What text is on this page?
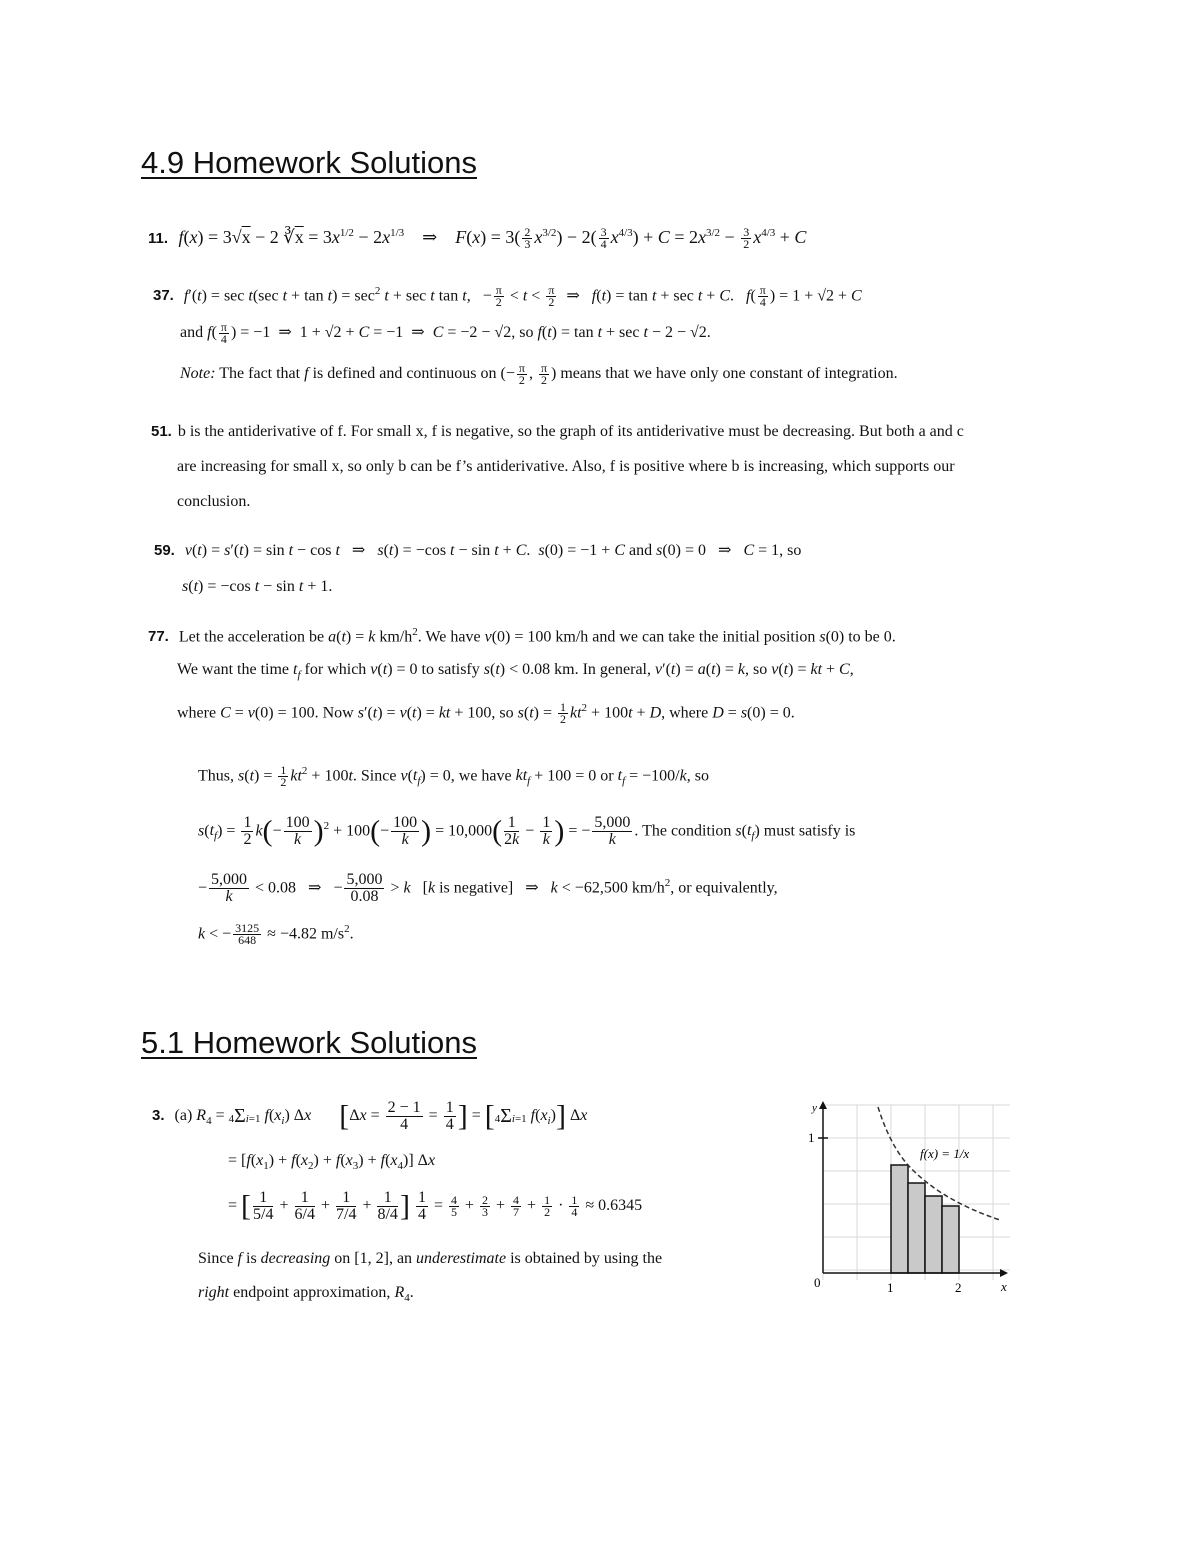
4.9 Homework Solutions
11. f(x) = 3√x − 2 $∛\overline{x} = 3x^{1/2} - 2x^{1/3}$    ⇒    $F(x) = 3( \frac{2}{3} x^{3/2}) - 2( \frac{3}{4} x^{4/3}) + C = 2x^{3/2} - \frac{3}{2} x^{4/3} + C$
37. f′(t) = sec t(sec $t + \tan t) = \sec^2 t + \sec t$ tan t,   − $\frac{\pi}{2} < t < \frac{\pi}{2}$ ⇒   f(t) = tan t + sec t + C.   $f( \frac{\pi}{4}$ ) = 1 + √2 + C
and $f( \frac{\pi}{4}$ ) = −1  ⇒  1 + √2 + C = −1  ⇒  C = −2 − √2, so f(t) = tan t + sec t − 2 − √2.
Note: The fact that f is defined and continuous on (− $\frac{\pi}{2}$ , $\frac{\pi}{2}$ ) means that we have only one constant of integration.
51. b is the antiderivative of f. For small x, f is negative, so the graph of its antiderivative must be decreasing. But both a and c
are increasing for small x, so only b can be f’s antiderivative. Also, f is positive where b is increasing, which supports our
conclusion.
59. v(t) = s′(t) = sin t − cos t   ⇒   s(t) = −cos t − sin t + C.  s(0) = −1 + C and s(0) = 0   ⇒   C = 1, so
s(t) = −cos t − sin t + 1.
77. Let the acceleration be a(t) = k $km/h^2$. We have v(0) = 100 km/h and we can take the initial position s(0) to be 0.
We want the time $t_f$ for which v(t) = 0 to satisfy s(t) < 0.08 km. In general, v′(t) = a(t) = k, so v(t) = kt + C,
where C = v(0) = 100. Now s′(t) = v(t) = kt + 100, so $s(t) = \frac{1}{2} kt^2 + 100t + D$, where D = s(0) = 0.
Thus, $s(t) = \frac{1}{2} kt^2 + 100t$. Since $v(t_f) = 0$, we have $kt_f + 100 = 0$ or $t_f = -100/k$, so
$s(t_f) = \frac{1}{2} k(- \frac{100}{k} )^2 + 100(- \frac{100}{k}$ ) = $10,000( \frac{1}{2k} - \frac{1}{k}$ ) = − $\frac{5,000}{k}$ . The condition $s(t_f)$ must satisfy is
− $\frac{5,000}{k} < 0.08$   ⇒   − $\frac{5,000}{0.08} > k$   [k is negative]   ⇒   k < −62,500 $km/h^2$, or equivalently,
k < − $\frac{3125}{648} \approx -4.82$ $m/s^2$.
5.1 Homework Solutions
3. (a) $R_4 = 4\Sigma i=1$ $f(x_i)$ Δx [$\Delta x = \frac{2 - 1}{4} = \frac{1}{4}$ ] = [4Σi=1 $f(x_i)$] Δx
= $[f(x_1) + f(x_2) + f(x_3) + f(x_4)]$ Δx
= [ $\frac{1}{5/4} + \frac{1}{6/4} + \frac{1}{7/4} + \frac{1}{8/4}$ ] $\frac{1}{4} = \frac{4}{5} + \frac{2}{3} + \frac{4}{7} + \frac{1}{2} \cdot \frac{1}{4} \approx 0.6345$
Since f is decreasing on [1, 2], an underestimate is obtained by using the
right endpoint approximation, $R_4$.
y
1
0	1	2	x
f(x) = 1/x
